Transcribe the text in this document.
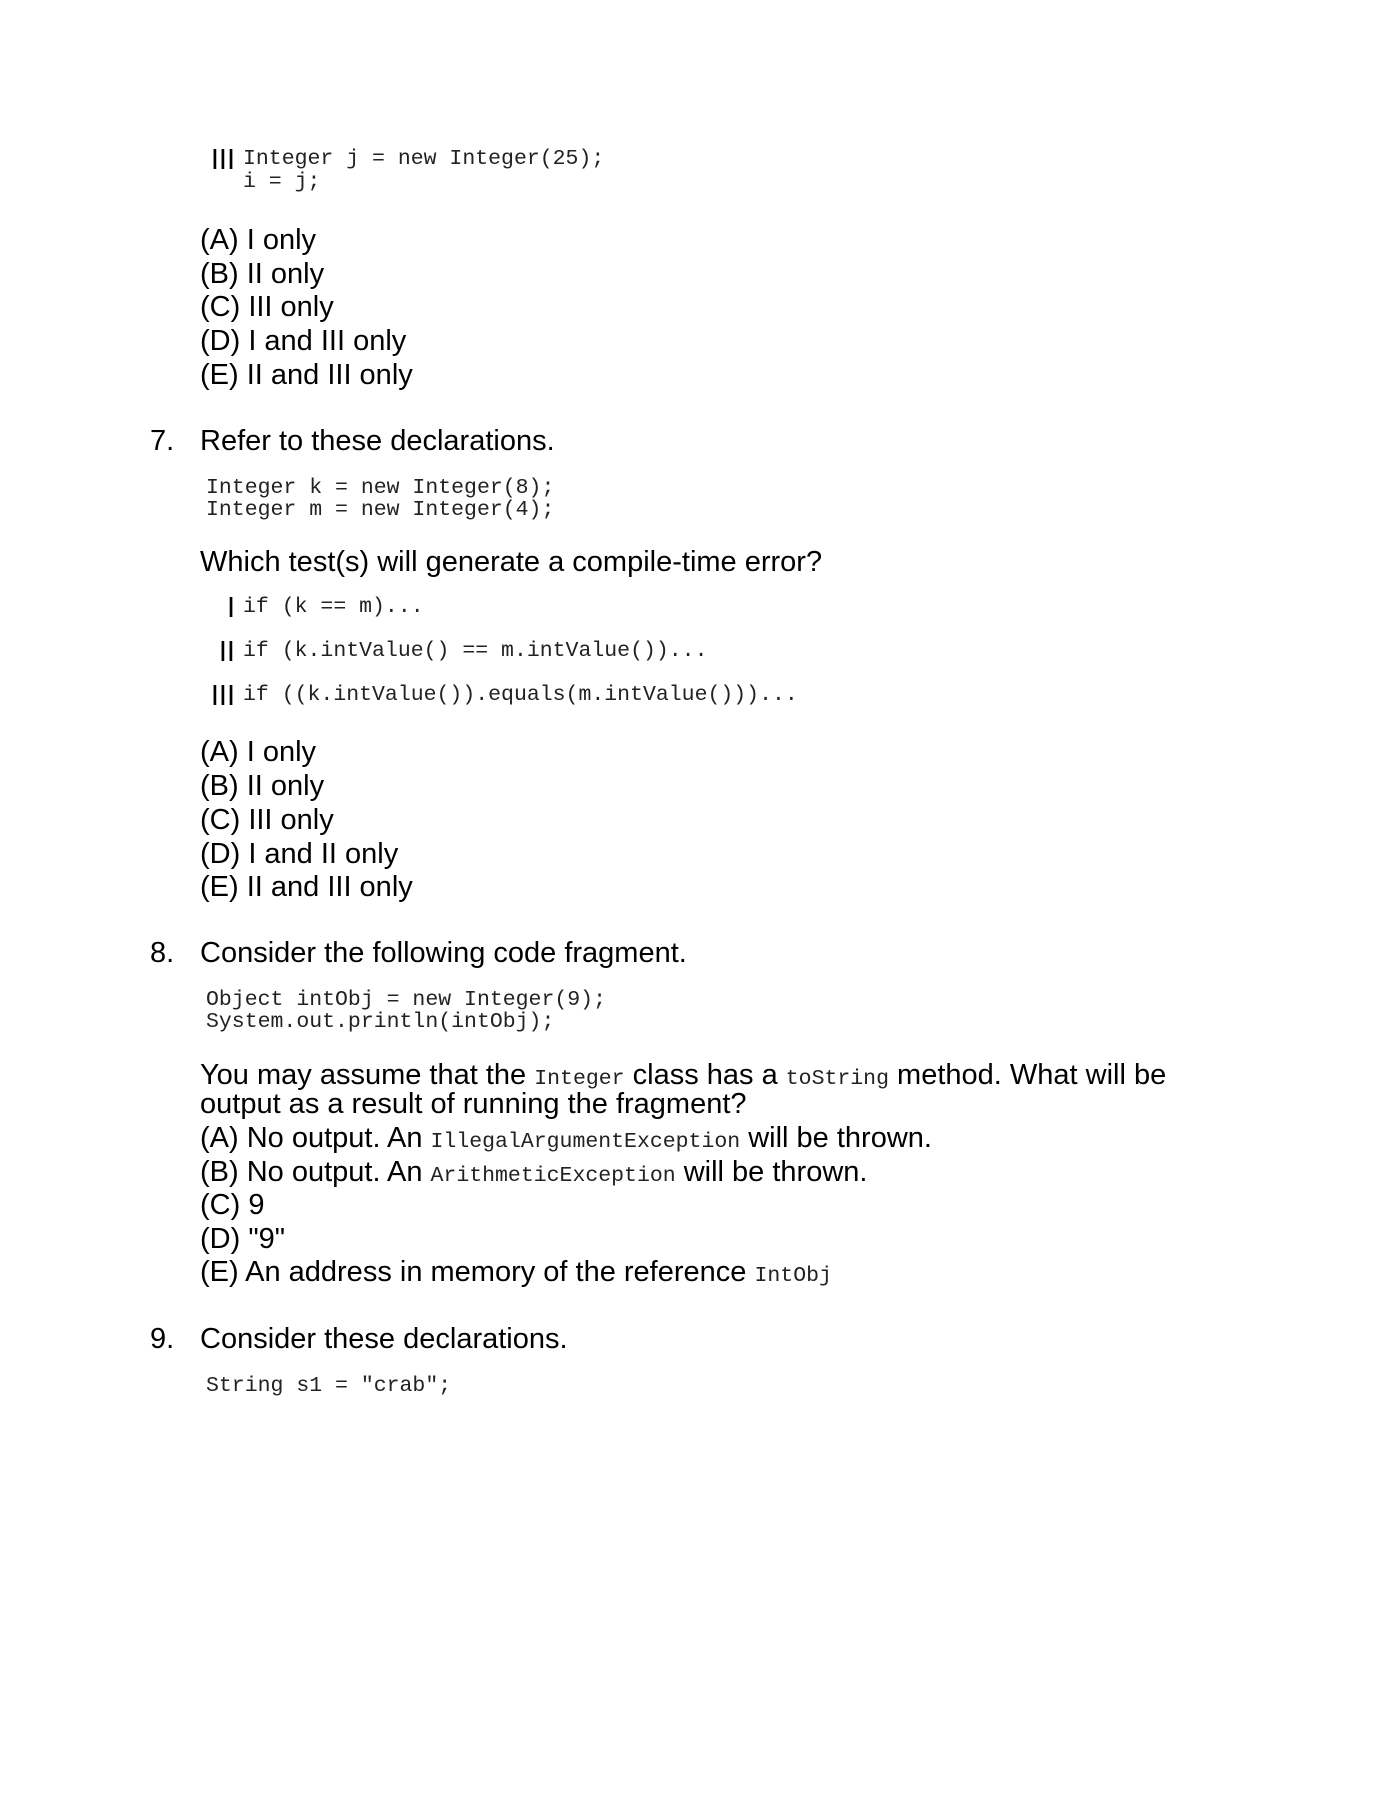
III Integer j = new Integer(25);
i = j;
(A) I only
(B) II only
(C) III only
(D) I and III only
(E) II and III only
7. Refer to these declarations.
Integer k = new Integer(8);
Integer m = new Integer(4);
Which test(s) will generate a compile-time error?
I if (k == m)...
II if (k.intValue() == m.intValue())...
III if ((k.intValue()).equals(m.intValue()))...
(A) I only
(B) II only
(C) III only
(D) I and II only
(E) II and III only
8. Consider the following code fragment.
Object intObj = new Integer(9);
System.out.println(intObj);
You may assume that the Integer class has a toString method. What will be
output as a result of running the fragment?
(A) No output. An IllegalArgumentException will be thrown.
(B) No output. An ArithmeticException will be thrown.
(C) 9
(D) "9"
(E) An address in memory of the reference IntObj
9. Consider these declarations.
String s1 = "crab";
